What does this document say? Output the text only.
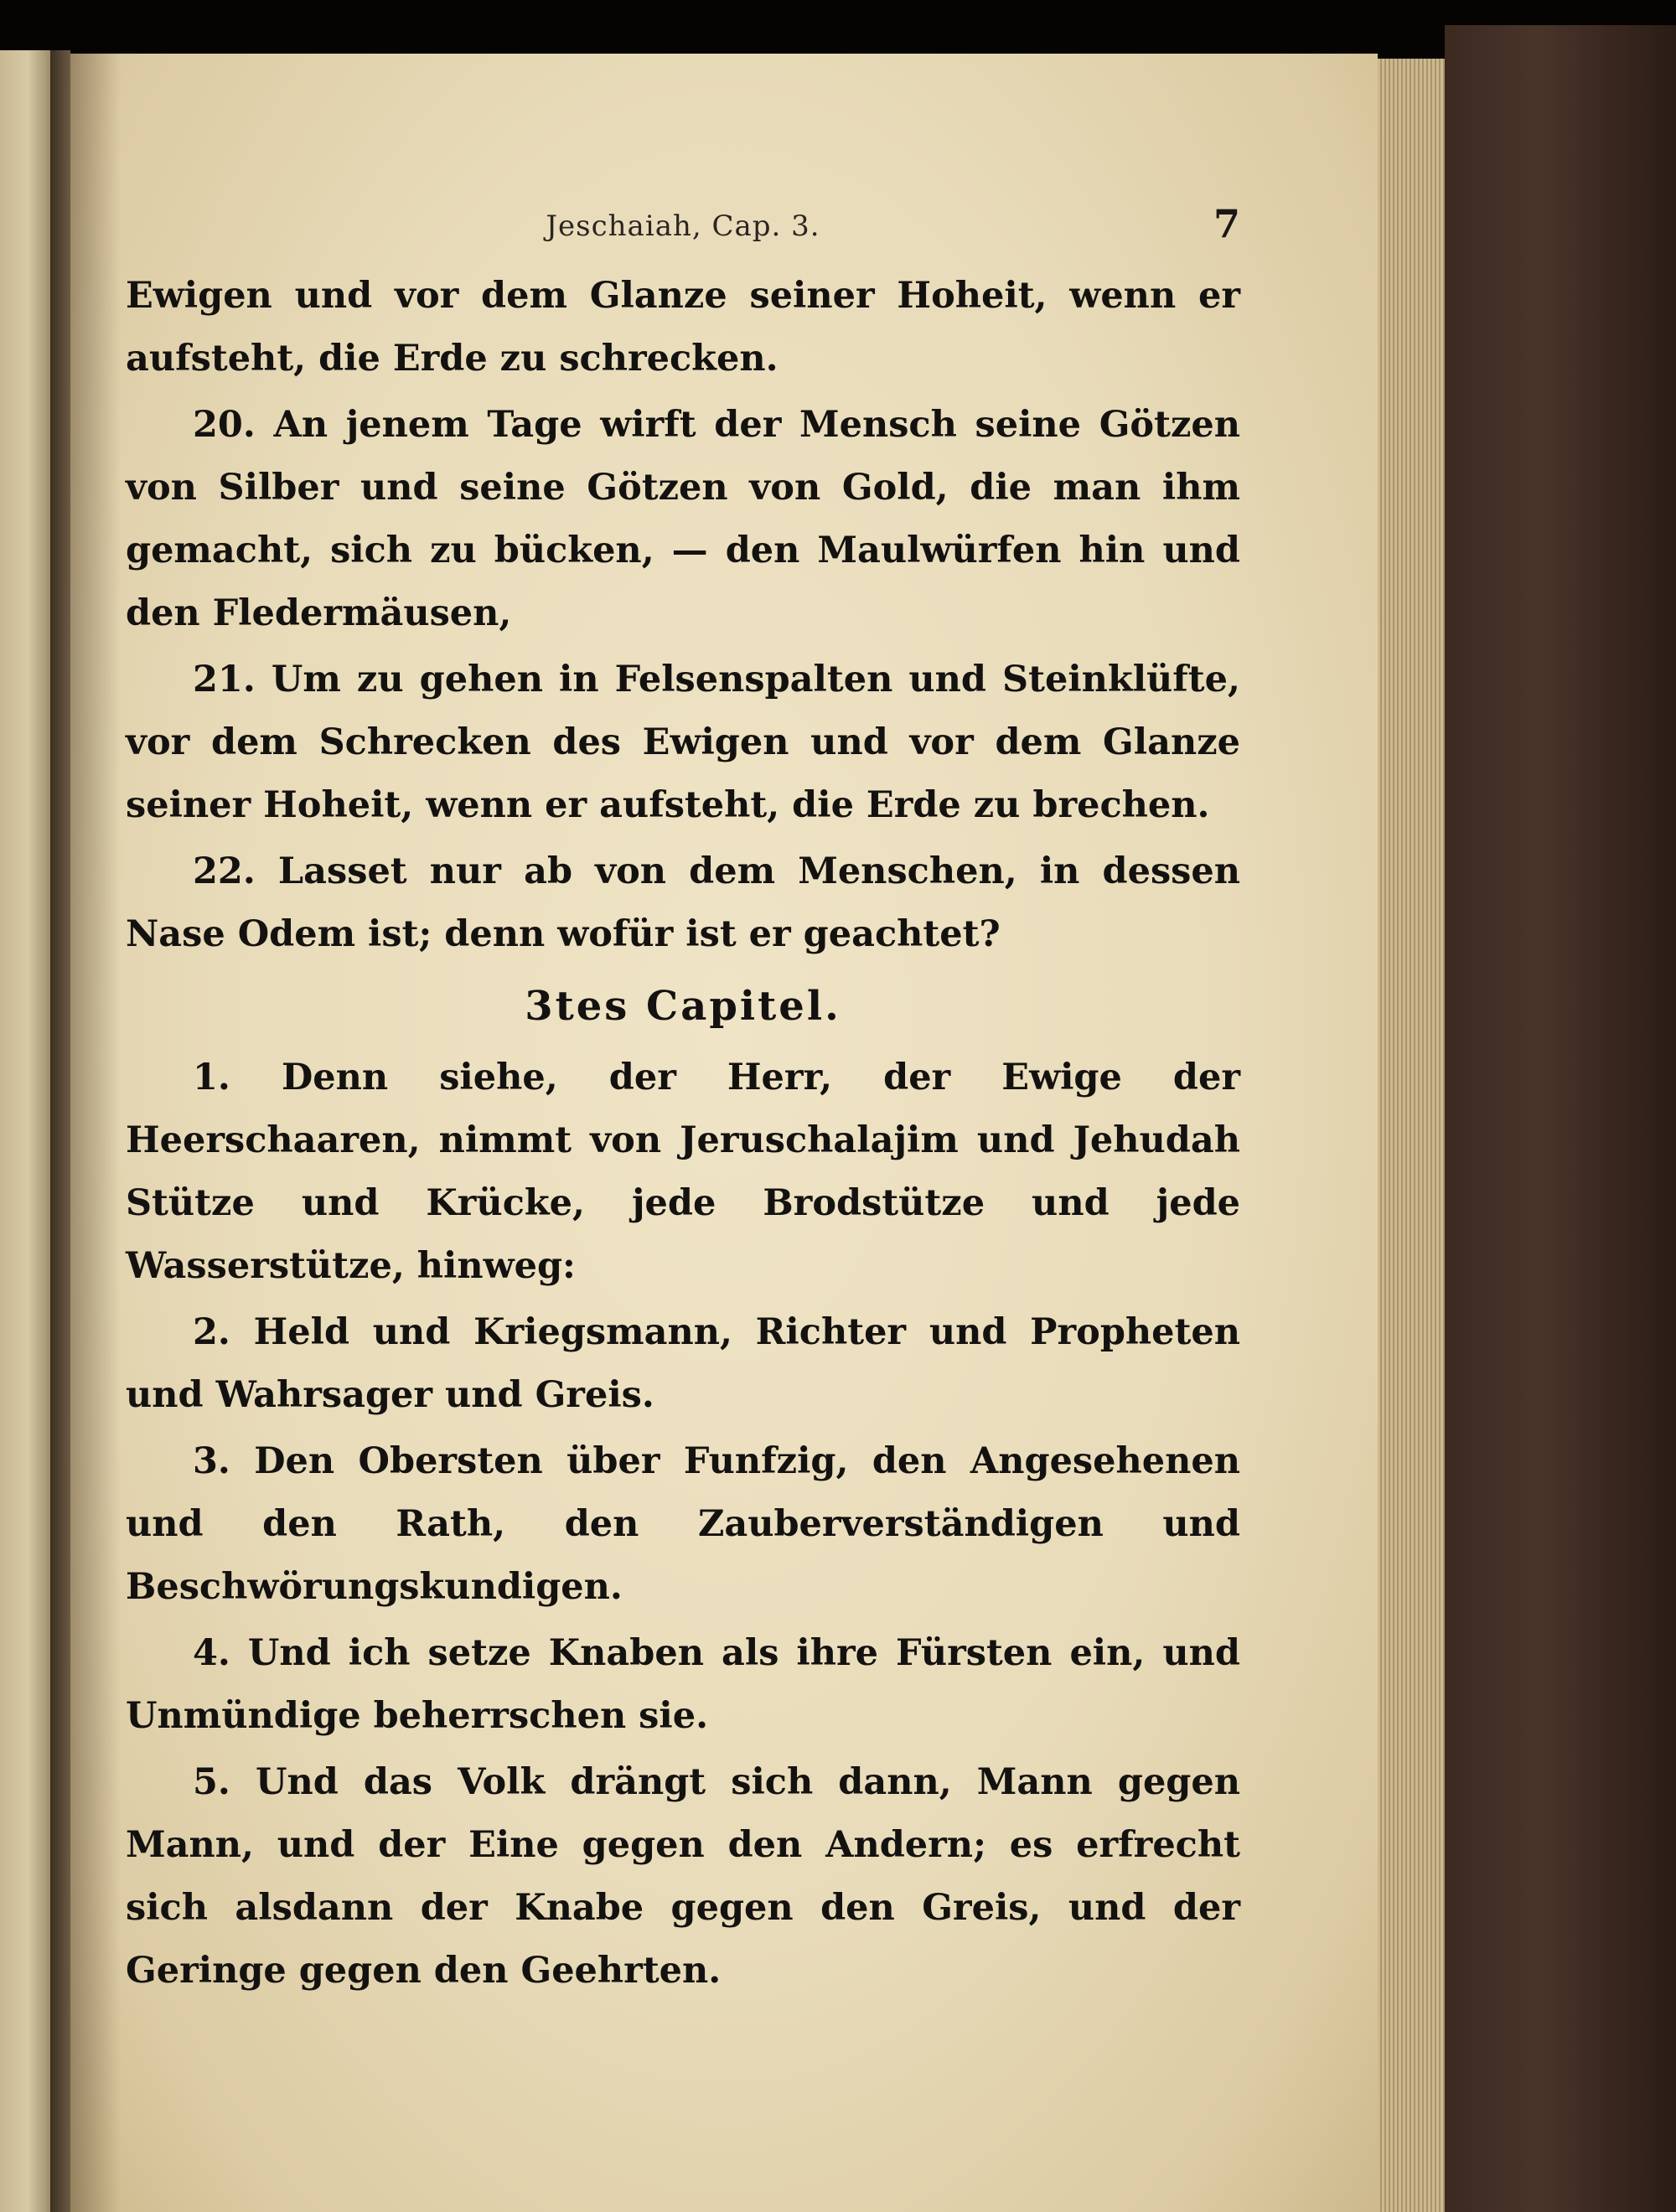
Jeschaiah, Cap. 3.	7

Ewigen und vor dem Glanze seiner Hoheit, wenn er aufsteht, die Erde zu schrecken.

20. An jenem Tage wirft der Mensch seine Götzen von Silber und seine Götzen von Gold, die man ihm gemacht, sich zu bücken, — den Maulwürfen hin und den Fledermäusen,

21. Um zu gehen in Felsenspalten und Steinklüfte, vor dem Schrecken des Ewigen und vor dem Glanze seiner Hoheit, wenn er aufsteht, die Erde zu brechen.

22. Lasset nur ab von dem Menschen, in dessen Nase Odem ist; denn wofür ist er geachtet?

3tes Capitel.

1. Denn siehe, der Herr, der Ewige der Heerschaaren, nimmt von Jeruschalajim und Jehudah Stütze und Krücke, jede Brodstütze und jede Wasserstütze, hinweg:

2. Held und Kriegsmann, Richter und Propheten und Wahrsager und Greis.

3. Den Obersten über Funfzig, den Angesehenen und den Rath, den Zauberverständigen und Beschwörungskundigen.

4. Und ich setze Knaben als ihre Fürsten ein, und Unmündige beherrschen sie.

5. Und das Volk drängt sich dann, Mann gegen Mann, und der Eine gegen den Andern; es erfrecht sich alsdann der Knabe gegen den Greis, und der Geringe gegen den Geehrten.
